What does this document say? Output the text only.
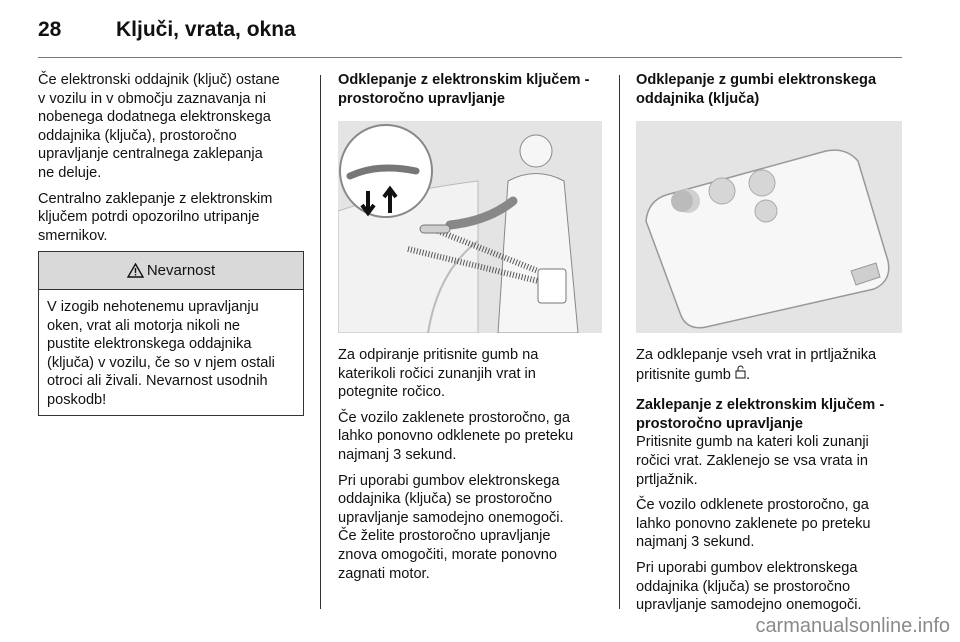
28	Ključi, vrata, okna

Če elektronski oddajnik (ključ) ostane
v vozilu in v območju zaznavanja ni
nobenega dodatnega elektronskega
oddajnika (ključa), prostoročno
upravljanje centralnega zaklepanja
ne deluje.

Centralno zaklepanje z elektronskim
ključem potrdi opozorilno utripanje
smernikov.

Nevarnost
V izogib nehotenemu upravljanju
oken, vrat ali motorja nikoli ne
pustite elektronskega oddajnika
(ključa) v vozilu, če so v njem ostali
otroci ali živali. Nevarnost usodnih
poskodb!
Odklepanje z elektronskim ključem -
prostoročno upravljanje

Za odpiranje pritisnite gumb na
katerikoli ročici zunanjih vrat in
potegnite ročico.

Če vozilo zaklenete prostoročno, ga
lahko ponovno odklenete po preteku
najmanj 3 sekund.

Pri uporabi gumbov elektronskega
oddajnika (ključa) se prostoročno
upravljanje samodejno onemogoči.
Če želite prostoročno upravljanje
znova omogočiti, morate ponovno
zagnati motor.

Odklepanje z gumbi elektronskega
oddajnika (ključa)

Za odklepanje vseh vrat in prtljažnika
pritisnite gumb .

Zaklepanje z elektronskim ključem -
prostoročno upravljanje

Pritisnite gumb na kateri koli zunanji
ročici vrat. Zaklenejo se vsa vrata in
prtljažnik.

Če vozilo odklenete prostoročno, ga
lahko ponovno zaklenete po preteku
najmanj 3 sekund.

Pri uporabi gumbov elektronskega
oddajnika (ključa) se prostoročno
upravljanje samodejno onemogoči.

carmanualsonline.info
